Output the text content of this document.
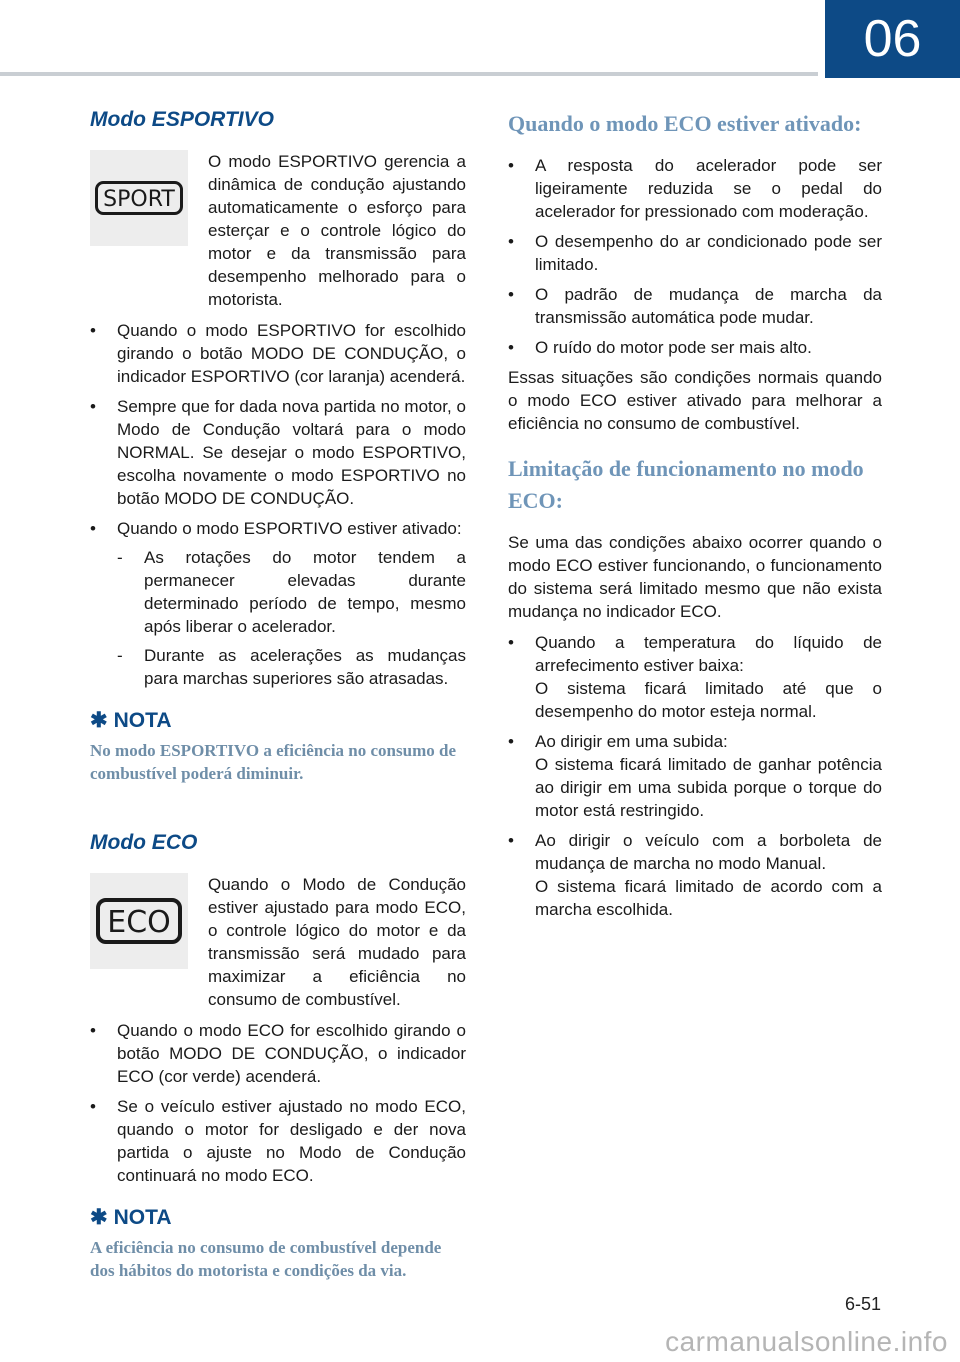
06
Modo ESPORTIVO
SPORT

O modo ESPORTIVO gerencia a dinâmica de condução ajustando automaticamente o esforço para esterçar e o controle lógico do motor e da transmissão para desempenho melhorado para o motorista.

• Quando o modo ESPORTIVO for escolhido girando o botão MODO DE CONDUÇÃO, o indicador ESPORTIVO (cor laranja) acenderá.
• Sempre que for dada nova partida no motor, o Modo de Condução voltará para o modo NORMAL. Se desejar o modo ESPORTIVO, escolha novamente o modo ESPORTIVO no botão MODO DE CONDUÇÃO.
• Quando o modo ESPORTIVO estiver ativado:
- As rotações do motor tendem a permanecer elevadas durante determinado período de tempo, mesmo após liberar o acelerador.
- Durante as acelerações as mudanças para marchas superiores são atrasadas.
✱ NOTA

No modo ESPORTIVO a eficiência no consumo de combustível poderá diminuir.

Modo ECO
ECO

Quando o Modo de Condução estiver ajustado para modo ECO, o controle lógico do motor e da transmissão será mudado para maximizar a eficiência no consumo de combustível.

• Quando o modo ECO for escolhido girando o botão MODO DE CONDUÇÃO, o indicador ECO (cor verde) acenderá.
• Se o veículo estiver ajustado no modo ECO, quando o motor for desligado e der nova partida o ajuste no Modo de Condução continuará no modo ECO.
✱ NOTA

A eficiência no consumo de combustível depende dos hábitos do motorista e condições da via.

Quando o modo ECO estiver ativado:
• A resposta do acelerador pode ser ligeiramente reduzida se o pedal do acelerador for pressionado com moderação.
• O desempenho do ar condicionado pode ser limitado.
• O padrão de mudança de marcha da transmissão automática pode mudar.
• O ruído do motor pode ser mais alto.

Essas situações são condições normais quando o modo ECO estiver ativado para melhorar a eficiência no consumo de combustível.

Limitação de funcionamento no modo ECO:

Se uma das condições abaixo ocorrer quando o modo ECO estiver funcionando, o funcionamento do sistema será limitado mesmo que não exista mudança no indicador ECO.

• Quando a temperatura do líquido de arrefecimento estiver baixa:
O sistema ficará limitado até que o desempenho do motor esteja normal.
• Ao dirigir em uma subida:
O sistema ficará limitado de ganhar potência ao dirigir em uma subida porque o torque do motor está restringido.
• Ao dirigir o veículo com a borboleta de mudança de marcha no modo Manual.
O sistema ficará limitado de acordo com a marcha escolhida.
6-51
carmanualsonline.info
